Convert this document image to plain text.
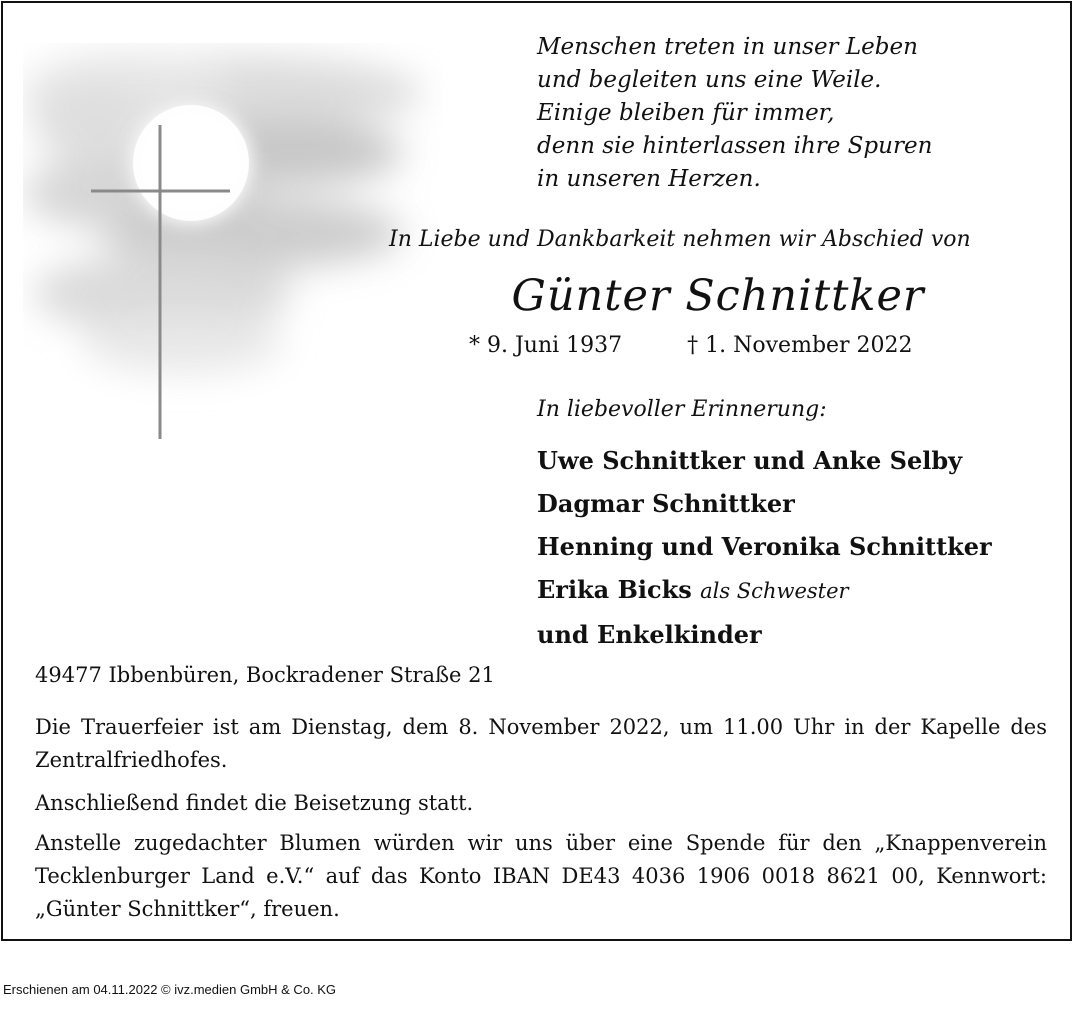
Menschen treten in unser Leben
und begleiten uns eine Weile.
Einige bleiben für immer,
denn sie hinterlassen ihre Spuren
in unseren Herzen.
In Liebe und Dankbarkeit nehmen wir Abschied von
Günter Schnittker
* 9. Juni 1937	† 1. November 2022
In liebevoller Erinnerung:
Uwe Schnittker und Anke Selby
Dagmar Schnittker
Henning und Veronika Schnittker
Erika Bicks als Schwester
und Enkelkinder
49477 Ibbenbüren, Bockradener Straße 21
Die Trauerfeier ist am Dienstag, dem 8. November 2022, um 11.00 Uhr in der Kapelle des Zentralfriedhofes.
Anschließend findet die Beisetzung statt.
Anstelle zugedachter Blumen würden wir uns über eine Spende für den „Knappenverein Tecklenburger Land e.V.“ auf das Konto IBAN DE43 4036 1906 0018 8621 00, Kennwort: „Günter Schnittker“, freuen.
Erschienen am 04.11.2022 © ivz.medien GmbH & Co. KG
